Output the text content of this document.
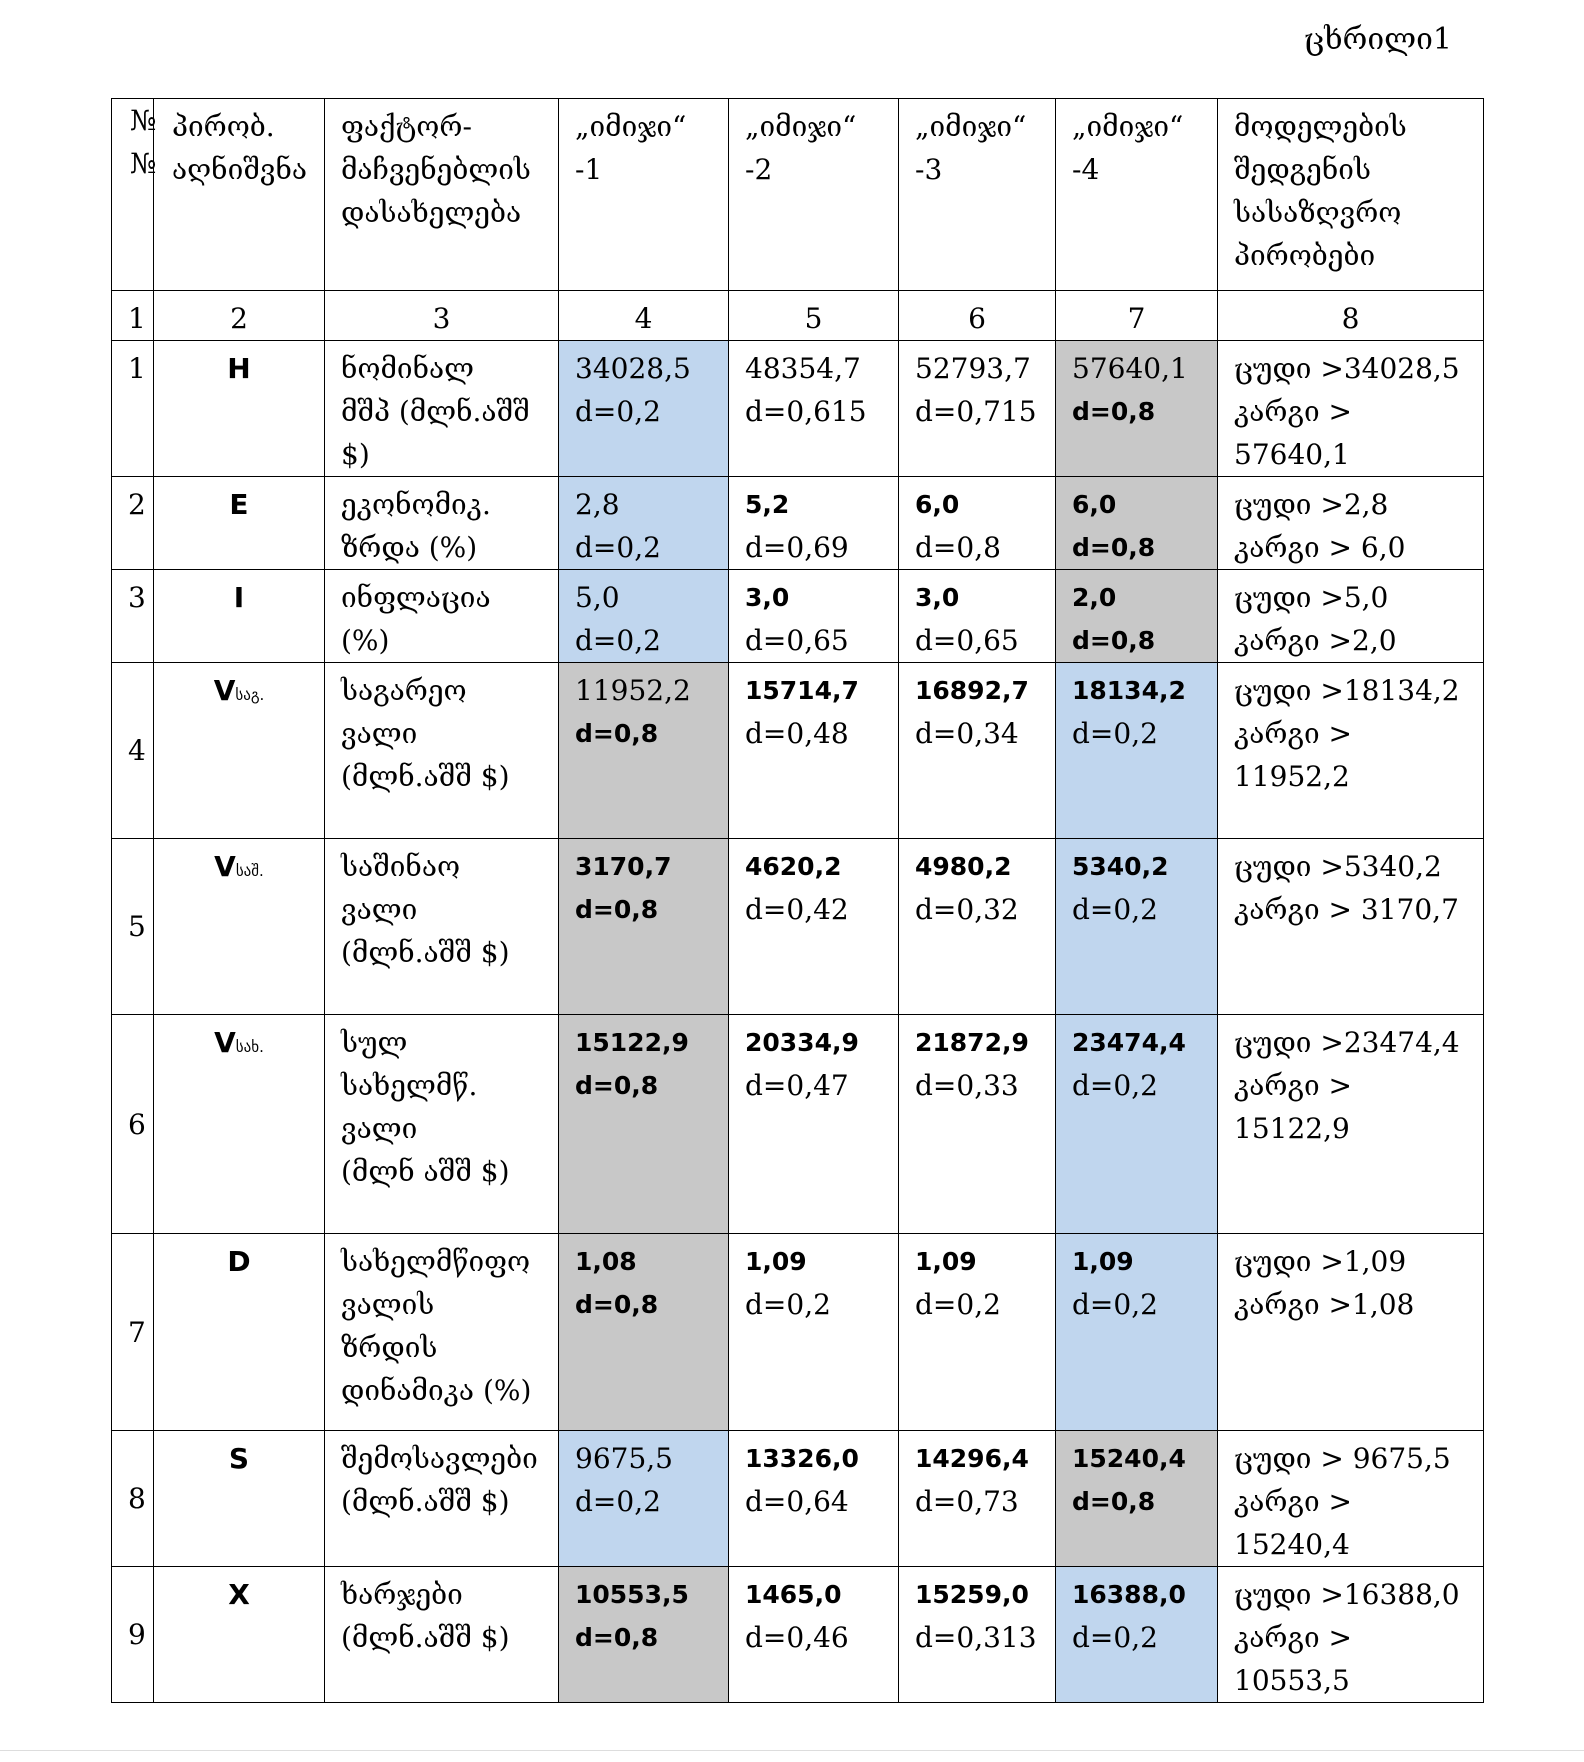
ცხრილი1
№
№	პირობ.
აღნიშვნა	ფაქტორ-
მაჩვენებლის
დასახელება	„იმიჯი“
-1	„იმიჯი“
-2	„იმიჯი“
-3	„იმიჯი“
-4	მოდელების
შედგენის
სასაზღვრო
პირობები
1	2	3	4	5	6	7	8
1	H	ნომინალ
მშპ (მლნ.აშშ
$)	34028,5
d=0,2	48354,7
d=0,615	52793,7
d=0,715	57640,1
d=0,8	ცუდი >34028,5
კარგი > 57640,1

2	E	ეკონომიკ.
ზრდა (%)	2,8
d=0,2	5,2
d=0,69	6,0
d=0,8	6,0
d=0,8	ცუდი >2,8
კარგი > 6,0

3	I	ინფლაცია
(%)	5,0
d=0,2	3,0
d=0,65	3,0
d=0,65	2,0
d=0,8	ცუდი >5,0
კარგი >2,0

4	Vსაგ.	საგარეო
ვალი
(მლნ.აშშ $)	11952,2
d=0,8	15714,7
d=0,48	16892,7
d=0,34	18134,2
d=0,2	ცუდი >18134,2
კარგი > 11952,2

5	Vსაშ.	საშინაო
ვალი
(მლნ.აშშ $)	3170,7
d=0,8	4620,2
d=0,42	4980,2
d=0,32	5340,2
d=0,2	ცუდი >5340,2
კარგი > 3170,7

6	Vსახ.	სულ
სახელმწ.
ვალი
(მლნ აშშ $)	15122,9
d=0,8	20334,9
d=0,47	21872,9
d=0,33	23474,4
d=0,2	ცუდი >23474,4
კარგი > 15122,9

7	D	სახელმწიფო
ვალის
ზრდის
დინამიკა (%)	1,08
d=0,8	1,09
d=0,2	1,09
d=0,2	1,09
d=0,2	ცუდი >1,09
კარგი >1,08

8	S	შემოსავლები
(მლნ.აშშ $)	9675,5
d=0,2	13326,0
d=0,64	14296,4
d=0,73	15240,4
d=0,8	ცუდი > 9675,5
კარგი > 15240,4

9	X	ხარჯები
(მლნ.აშშ $)	10553,5
d=0,8	1465,0
d=0,46	15259,0
d=0,313	16388,0
d=0,2	ცუდი >16388,0
კარგი > 10553,5
